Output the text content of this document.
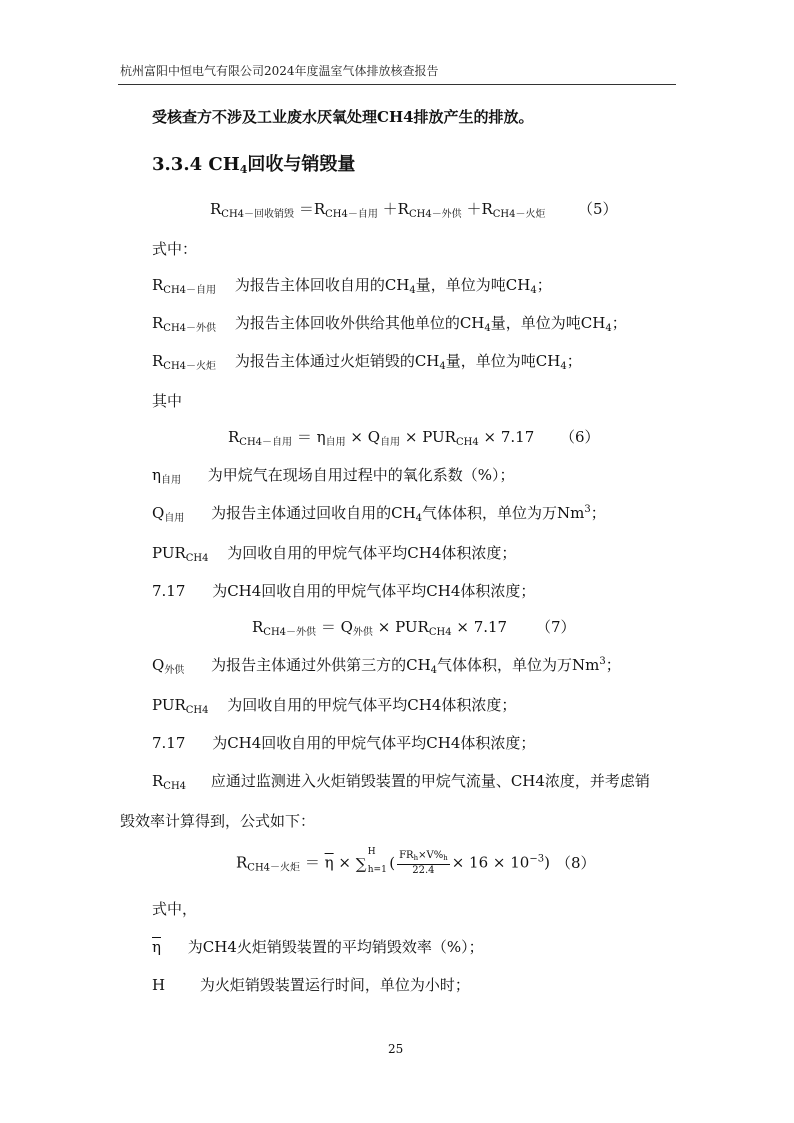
杭州富阳中恒电气有限公司2024年度温室气体排放核查报告
受核查方不涉及工业废水厌氧处理CH4排放产生的排放。
3.3.4 $CH_4$回收与销毁量
$R_{CH4-回收销毁} =R_{CH4-自用} +R_{CH4-外供} +R_{CH4-火炬}$ （5）
式中：
$R_{CH4-自用}$ 为报告主体回收自用的$CH_4$量，单位为吨$CH_4$；
$R_{CH4-外供}$ 为报告主体回收外供给其他单位的$CH_4$量，单位为吨$CH_4$；
$R_{CH4-火炬}$ 为报告主体通过火炬销毁的$CH_4$量，单位为吨$CH_4$；
其中
$R_{CH4-自用} = \eta_{自用} \times Q_{自用} \times PUR_{CH4} \times 7.17$ （6）
$\eta_{自用}$ 为甲烷气在现场自用过程中的氧化系数（%）；
$Q_{自用}$ 为报告主体通过回收自用的$CH_4$气体体积，单位为万Nm$^3$；
$PUR_{CH4}$ 为回收自用的甲烷气体平均CH4体积浓度；
7.17 为CH4回收自用的甲烷气体平均CH4体积浓度；
$R_{CH4-外供} = Q_{外供} \times PUR_{CH4} \times 7.17$ （7）
$Q_{外供}$ 为报告主体通过外供第三方的$CH_4$气体体积，单位为万Nm$^3$；
$PUR_{CH4}$ 为回收自用的甲烷气体平均CH4体积浓度；
7.17 为CH4回收自用的甲烷气体平均CH4体积浓度；
$R_{CH4}$ 应通过监测进入火炬销毁装置的甲烷气流量、CH4浓度，并考虑销
毁效率计算得到，公式如下：
$R_{CH4-火炬} = \overline{\eta}$ × ∑
H
h=1 ( $\frac{FR_h\times V\%_h}{22.4} \times 16 \times 10^{-3}$) （8）
式中，
$\overline{\eta}$ 为CH4火炬销毁装置的平均销毁效率（%）；
H 为火炬销毁装置运行时间，单位为小时；
25
